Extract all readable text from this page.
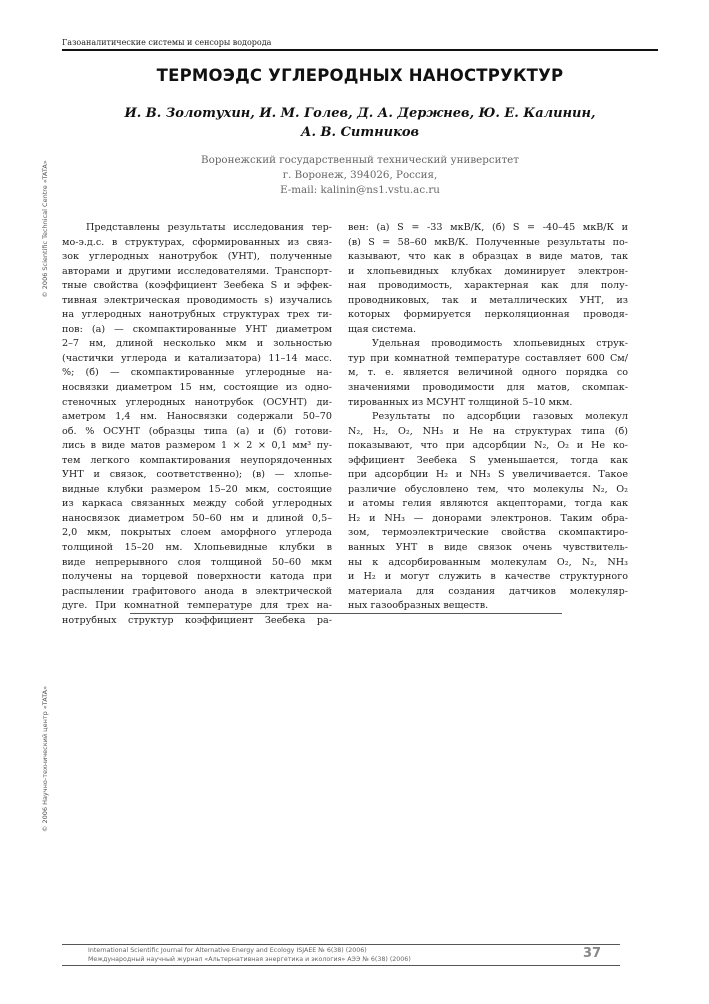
Газоаналитические системы и сенсоры водорода
ТЕРМОЭДС УГЛЕРОДНЫХ НАНОСТРУКТУР
И. В. Золотухин, И. М. Голев, Д. А. Держнев, Ю. Е. Калинин,
А. В. Ситников
Воронежский государственный технический университет
г. Воронеж, 394026, Россия,
E-mail: kalinin@ns1.vstu.ac.ru
Представлены результаты исследования тер-
мо-э.д.с. в структурах, сформированных из связ-
зок углеродных нанотрубок (УНТ), полученные
авторами и другими исследователями. Транспорт-
тные свойства (коэффициент Зеебека S и эффек-
тивная электрическая проводимость s) изучались
на углеродных нанотрубных структурах трех ти-
пов: (а) — скомпактированные УНТ диаметром
2–7 нм, длиной несколько мкм и зольностью
(частички углерода и катализатора) 11–14 масс.
%; (б) — скомпактированные углеродные на-
носвязки диаметром 15 нм, состоящие из одно-
стеночных углеродных нанотрубок (ОСУНТ) ди-
аметром 1,4 нм. Наносвязки содержали 50–70
об. % ОСУНТ (образцы типа (а) и (б) готови-
лись в виде матов размером 1 × 2 × 0,1 мм³ пу-
тем легкого компактирования неупорядоченных
УНТ и связок, соответственно); (в) — хлопье-
видные клубки размером 15–20 мкм, состоящие
из каркаса связанных между собой углеродных
наносвязок диаметром 50–60 нм и длиной 0,5–
2,0 мкм, покрытых слоем аморфного углерода
толщиной 15–20 нм. Хлопьевидные клубки в
виде непрерывного слоя толщиной 50–60 мкм
получены на торцевой поверхности катода при
распылении графитового анода в электрической
дуге. При комнатной температуре для трех на-
нотрубных структур коэффициент Зеебека ра-
вен: (а) S = -33 мкВ/К, (б) S = -40–45 мкВ/К и
(в) S = 58–60 мкВ/К. Полученные результаты по-
казывают, что как в образцах в виде матов, так
и хлопьевидных клубках доминирует электрон-
ная проводимость, характерная как для полу-
проводниковых, так и металлических УНТ, из
которых формируется перколяционная проводя-
щая система.
Удельная проводимость хлопьевидных струк-
тур при комнатной температуре составляет 600 См/
м, т. е. является величиной одного порядка со
значениями проводимости для матов, скомпак-
тированных из МСУНТ толщиной 5–10 мкм.
Результаты по адсорбции газовых молекул
N₂, H₂, O₂, NH₃ и He на структурах типа (б)
показывают, что при адсорбции N₂, O₂ и He ко-
эффициент Зеебека S уменьшается, тогда как
при адсорбции H₂ и NH₃ S увеличивается. Такое
различие обусловлено тем, что молекулы N₂, O₂
и атомы гелия являются акцепторами, тогда как
H₂ и NH₃ — донорами электронов. Таким обра-
зом, термоэлектрические свойства скомпактиро-
ванных УНТ в виде связок очень чувствитель-
ны к адсорбированным молекулам O₂, N₂, NH₃
и H₂ и могут служить в качестве структурного
материала для создания датчиков молекуляр-
ных газообразных веществ.
© 2006 Scientific Technical Centre «TATA»
© 2006 Научно-технический центр «TATA»
International Scientific Journal for Alternative Energy and Ecology ISJAEE № 6(38) (2006)
Международный научный журнал «Альтернативная энергетика и экология» АЭЭ № 6(38) (2006)	37
